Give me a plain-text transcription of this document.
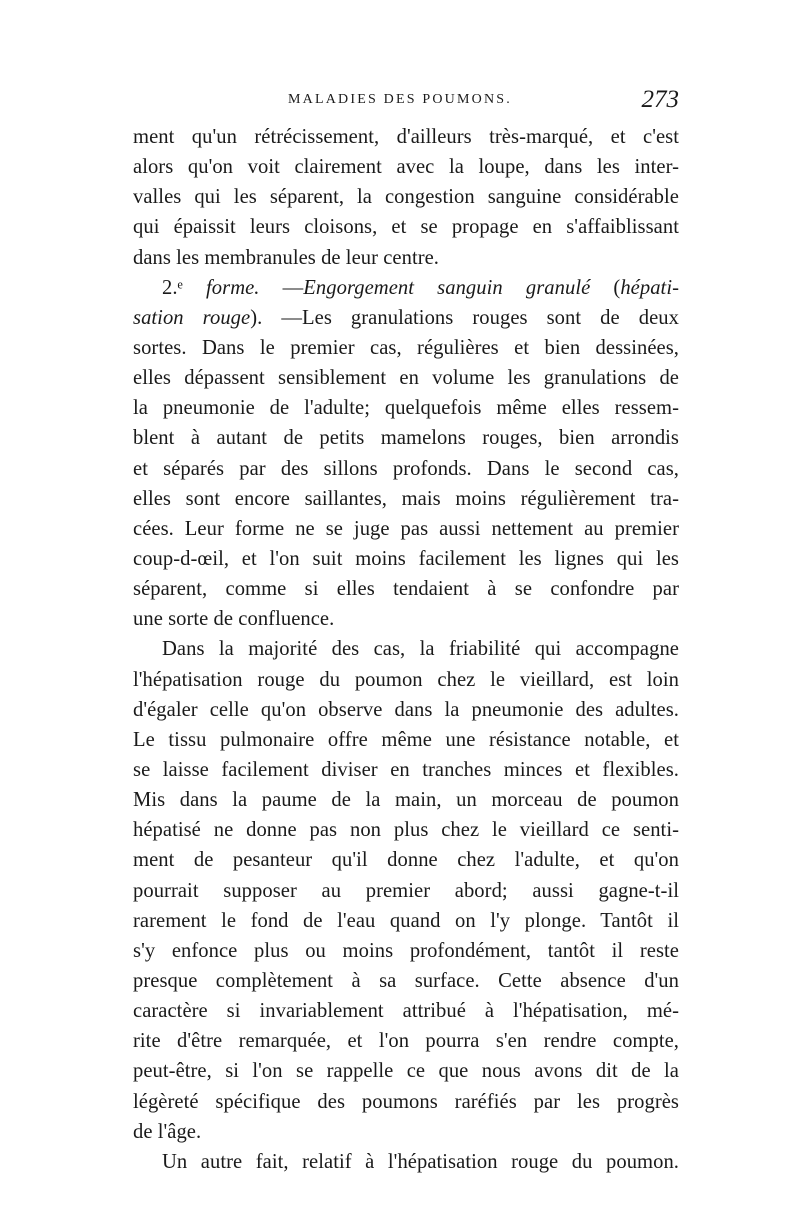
MALADIES DES POUMONS.	273
ment qu'un rétrécissement, d'ailleurs très-marqué, et c'est
alors qu'on voit clairement avec la loupe, dans les inter-
valles qui les séparent, la congestion sanguine considérable
qui épaissit leurs cloisons, et se propage en s'affaiblissant
dans les membranules de leur centre.
2.ᵉ forme. —Engorgement sanguin granulé (hépati-
sation rouge). —Les granulations rouges sont de deux
sortes. Dans le premier cas, régulières et bien dessinées,
elles dépassent sensiblement en volume les granulations de
la pneumonie de l'adulte; quelquefois même elles ressem-
blent à autant de petits mamelons rouges, bien arrondis
et séparés par des sillons profonds. Dans le second cas,
elles sont encore saillantes, mais moins régulièrement tra-
cées. Leur forme ne se juge pas aussi nettement au premier
coup-d-œil, et l'on suit moins facilement les lignes qui les
séparent, comme si elles tendaient à se confondre par
une sorte de confluence.
Dans la majorité des cas, la friabilité qui accompagne
l'hépatisation rouge du poumon chez le vieillard, est loin
d'égaler celle qu'on observe dans la pneumonie des adultes.
Le tissu pulmonaire offre même une résistance notable, et
se laisse facilement diviser en tranches minces et flexibles.
Mis dans la paume de la main, un morceau de poumon
hépatisé ne donne pas non plus chez le vieillard ce senti-
ment de pesanteur qu'il donne chez l'adulte, et qu'on
pourrait supposer au premier abord; aussi gagne-t-il
rarement le fond de l'eau quand on l'y plonge. Tantôt il
s'y enfonce plus ou moins profondément, tantôt il reste
presque complètement à sa surface. Cette absence d'un
caractère si invariablement attribué à l'hépatisation, mé-
rite d'être remarquée, et l'on pourra s'en rendre compte,
peut-être, si l'on se rappelle ce que nous avons dit de la
légèreté spécifique des poumons raréfiés par les progrès
de l'âge.
Un autre fait, relatif à l'hépatisation rouge du poumon.
